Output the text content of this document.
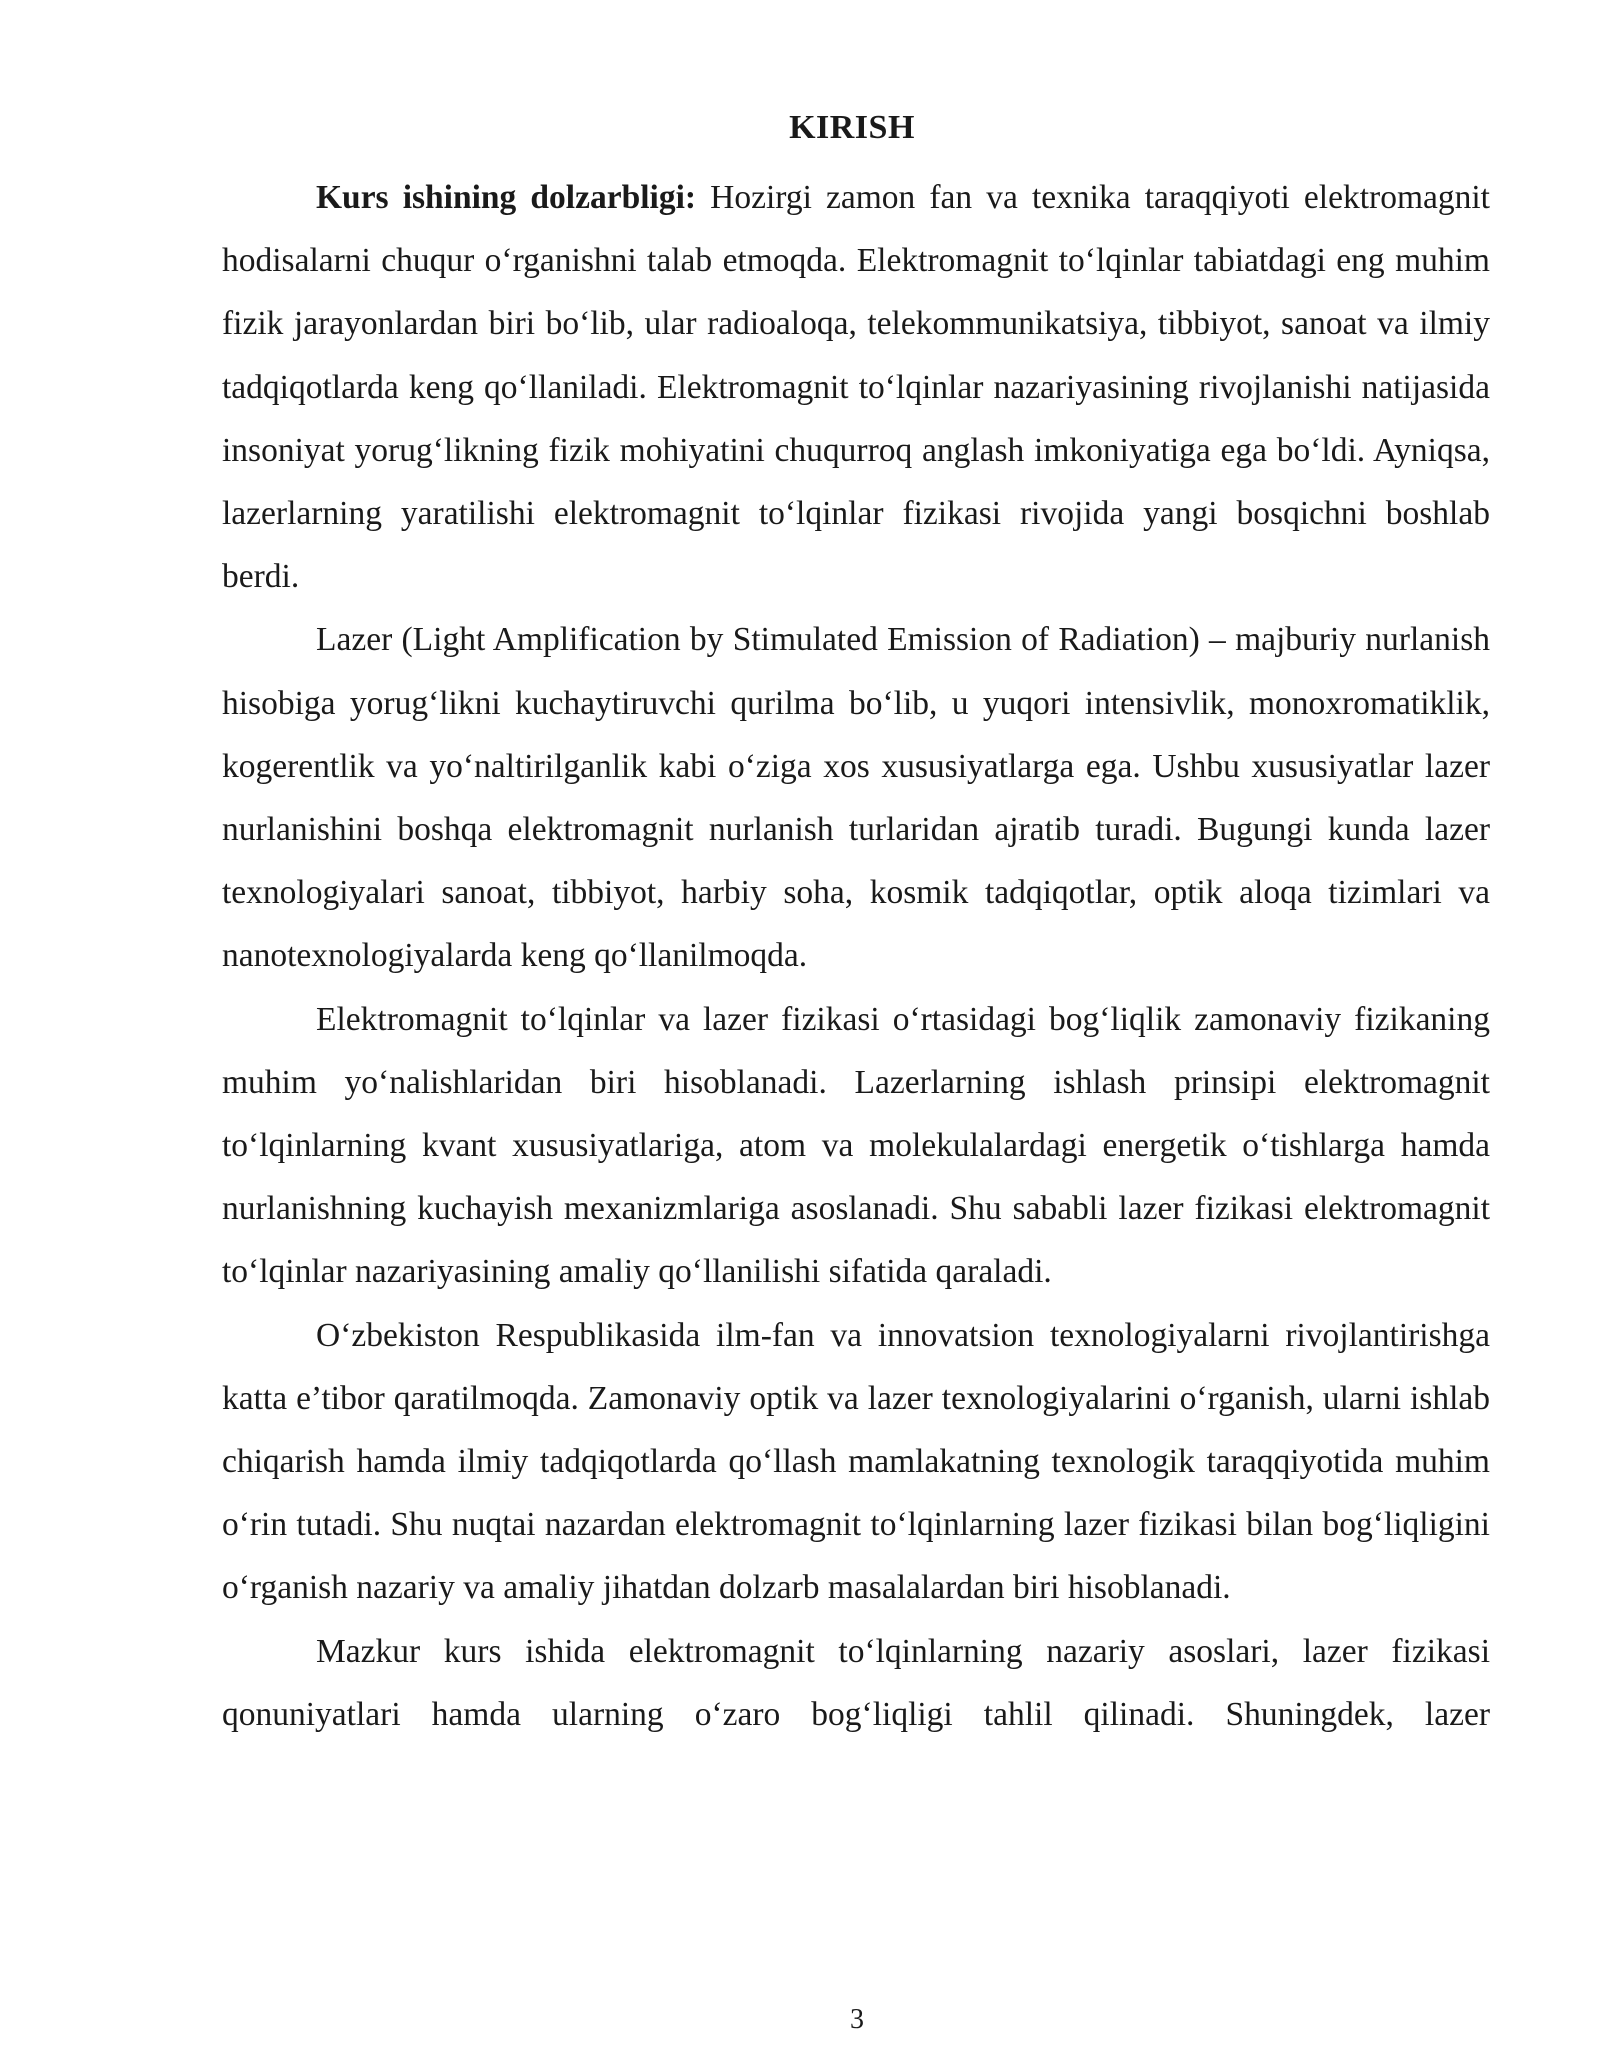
KIRISH

Kurs ishining dolzarbligi: Hozirgi zamon fan va texnika taraqqiyoti elektromagnit hodisalarni chuqur o‘rganishni talab etmoqda. Elektromagnit to‘lqinlar tabiatdagi eng muhim fizik jarayonlardan biri bo‘lib, ular radioaloqa, telekommunikatsiya, tibbiyot, sanoat va ilmiy tadqiqotlarda keng qo‘llaniladi. Elektromagnit to‘lqinlar nazariyasining rivojlanishi natijasida insoniyat yorug‘likning fizik mohiyatini chuqurroq anglash imkoniyatiga ega bo‘ldi. Ayniqsa, lazerlarning yaratilishi elektromagnit to‘lqinlar fizikasi rivojida yangi bosqichni boshlab berdi.

Lazer (Light Amplification by Stimulated Emission of Radiation) – majburiy nurlanish hisobiga yorug‘likni kuchaytiruvchi qurilma bo‘lib, u yuqori intensivlik, monoxromatiklik, kogerentlik va yo‘naltirilganlik kabi o‘ziga xos xususiyatlarga ega. Ushbu xususiyatlar lazer nurlanishini boshqa elektromagnit nurlanish turlaridan ajratib turadi. Bugungi kunda lazer texnologiyalari sanoat, tibbiyot, harbiy soha, kosmik tadqiqotlar, optik aloqa tizimlari va nanotexnologiyalarda keng qo‘llanilmoqda.

Elektromagnit to‘lqinlar va lazer fizikasi o‘rtasidagi bog‘liqlik zamonaviy fizikaning muhim yo‘nalishlaridan biri hisoblanadi. Lazerlarning ishlash prinsipi elektromagnit to‘lqinlarning kvant xususiyatlariga, atom va molekulalardagi energetik o‘tishlarga hamda nurlanishning kuchayish mexanizmlariga asoslanadi. Shu sababli lazer fizikasi elektromagnit to‘lqinlar nazariyasining amaliy qo‘llanilishi sifatida qaraladi.

O‘zbekiston Respublikasida ilm-fan va innovatsion texnologiyalarni rivojlantirishga katta e’tibor qaratilmoqda. Zamonaviy optik va lazer texnologiyalarini o‘rganish, ularni ishlab chiqarish hamda ilmiy tadqiqotlarda qo‘llash mamlakatning texnologik taraqqiyotida muhim o‘rin tutadi. Shu nuqtai nazardan elektromagnit to‘lqinlarning lazer fizikasi bilan bog‘liqligini o‘rganish nazariy va amaliy jihatdan dolzarb masalalardan biri hisoblanadi.

Mazkur kurs ishida elektromagnit to‘lqinlarning nazariy asoslari, lazer fizikasi qonuniyatlari hamda ularning o‘zaro bog‘liqligi tahlil qilinadi. Shuningdek, lazer

3
